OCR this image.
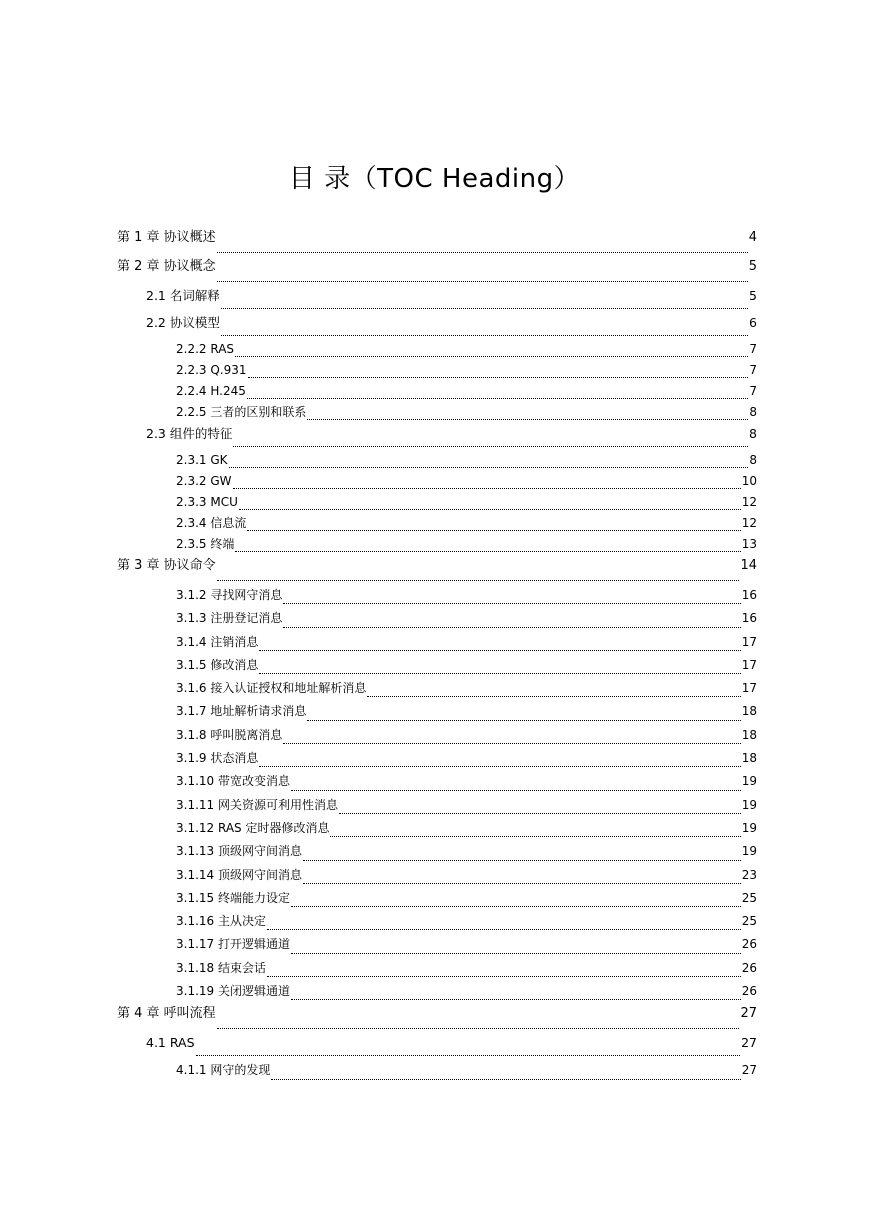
目 录（TOC Heading）
第 1 章 协议概述	4
第 2 章 协议概念	5
2.1 名词解释	5
2.2 协议模型	6
2.2.2 RAS	7
2.2.3 Q.931	7
2.2.4 H.245	7
2.2.5 三者的区别和联系	8
2.3 组件的特征	8
2.3.1 GK	8
2.3.2 GW	10
2.3.3 MCU	12
2.3.4 信息流	12
2.3.5 终端	13
第 3 章 协议命令	14
3.1.2 寻找网守消息	16
3.1.3 注册登记消息	16
3.1.4 注销消息	17
3.1.5 修改消息	17
3.1.6 接入认证授权和地址解析消息	17
3.1.7 地址解析请求消息	18
3.1.8 呼叫脱离消息	18
3.1.9 状态消息	18
3.1.10 带宽改变消息	19
3.1.11 网关资源可利用性消息	19
3.1.12 RAS 定时器修改消息	19
3.1.13 顶级网守间消息	19
3.1.14 顶级网守间消息	23
3.1.15 终端能力设定	25
3.1.16 主从决定	25
3.1.17 打开逻辑通道	26
3.1.18 结束会话	26
3.1.19 关闭逻辑通道	26
第 4 章 呼叫流程	27
4.1 RAS	27
4.1.1 网守的发现	27
